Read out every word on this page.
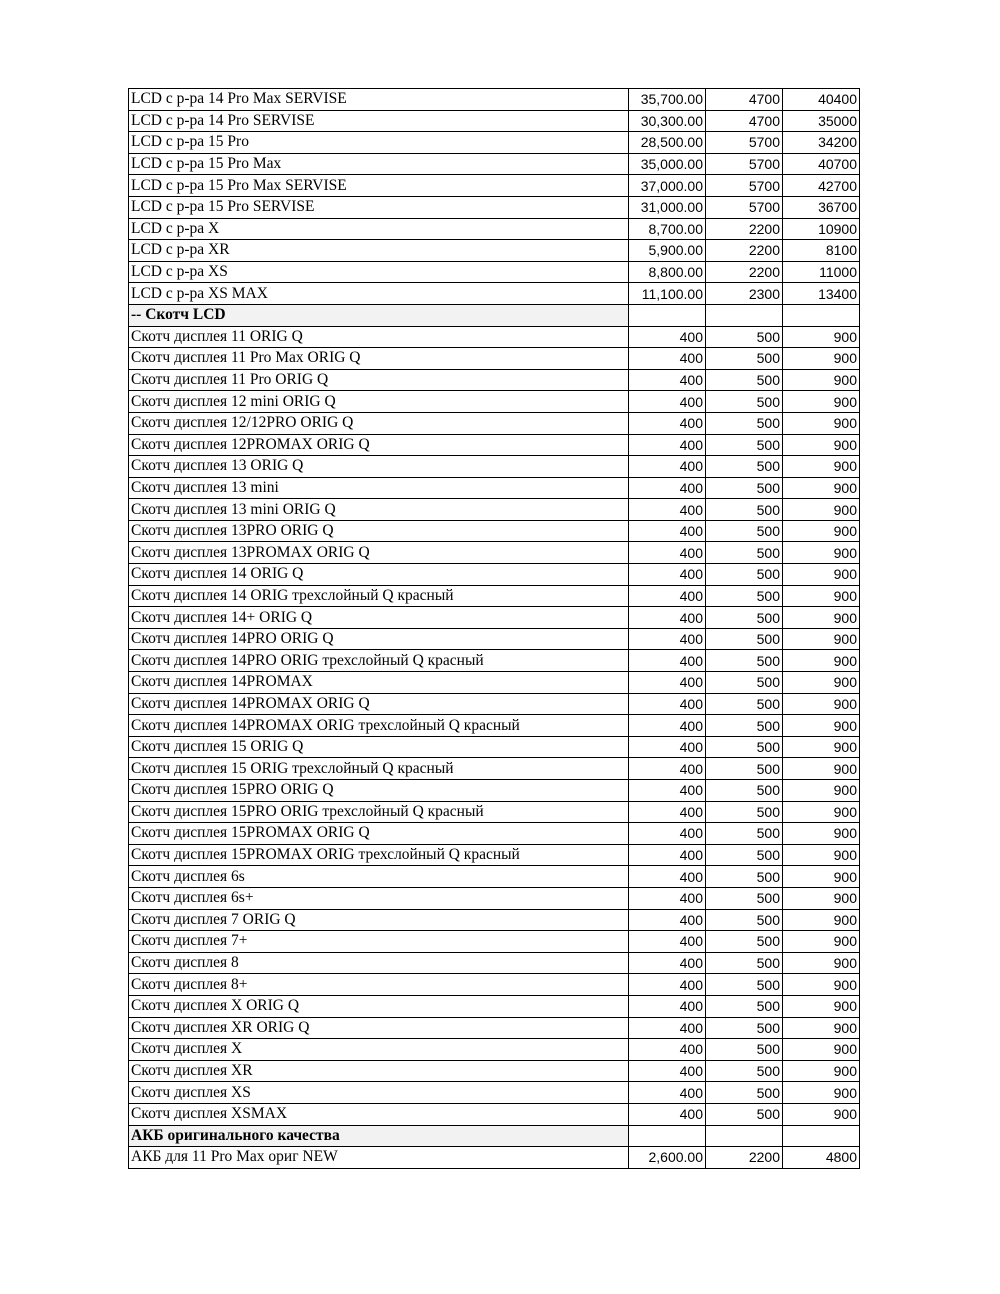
LCD с р-ра 14 Pro Max SERVISE	35,700.00	4700	40400
LCD с р-ра 14 Pro SERVISE	30,300.00	4700	35000
LCD с р-ра 15 Pro	28,500.00	5700	34200
LCD с р-ра 15 Pro Max	35,000.00	5700	40700
LCD с р-ра 15 Pro Max SERVISE	37,000.00	5700	42700
LCD с р-ра 15 Pro SERVISE	31,000.00	5700	36700
LCD с р-ра X	8,700.00	2200	10900
LCD с р-ра XR	5,900.00	2200	8100
LCD с р-ра XS	8,800.00	2200	11000
LCD с р-ра XS MAX	11,100.00	2300	13400
-- Скотч LCD			
Скотч дисплея 11 ORIG Q	400	500	900
Скотч дисплея 11 Pro Max ORIG Q	400	500	900
Скотч дисплея 11 Pro ORIG Q	400	500	900
Скотч дисплея 12 mini ORIG Q	400	500	900
Скотч дисплея 12/12PRO ORIG Q	400	500	900
Скотч дисплея 12PROMAX ORIG Q	400	500	900
Скотч дисплея 13 ORIG Q	400	500	900
Скотч дисплея 13 mini	400	500	900
Скотч дисплея 13 mini ORIG Q	400	500	900
Скотч дисплея 13PRO ORIG Q	400	500	900
Скотч дисплея 13PROMAX ORIG Q	400	500	900
Скотч дисплея 14 ORIG Q	400	500	900
Скотч дисплея 14 ORIG трехслойный Q красный	400	500	900
Скотч дисплея 14+ ORIG Q	400	500	900
Скотч дисплея 14PRO ORIG Q	400	500	900
Скотч дисплея 14PRO ORIG трехслойный Q красный	400	500	900
Скотч дисплея 14PROMAX	400	500	900
Скотч дисплея 14PROMAX ORIG Q	400	500	900
Скотч дисплея 14PROMAX ORIG трехслойный Q красный	400	500	900
Скотч дисплея 15 ORIG Q	400	500	900
Скотч дисплея 15 ORIG трехслойный Q красный	400	500	900
Скотч дисплея 15PRO ORIG Q	400	500	900
Скотч дисплея 15PRO ORIG трехслойный Q красный	400	500	900
Скотч дисплея 15PROMAX ORIG Q	400	500	900
Скотч дисплея 15PROMAX ORIG трехслойный Q красный	400	500	900
Скотч дисплея 6s	400	500	900
Скотч дисплея 6s+	400	500	900
Скотч дисплея 7 ORIG Q	400	500	900
Скотч дисплея 7+	400	500	900
Скотч дисплея 8	400	500	900
Скотч дисплея 8+	400	500	900
Скотч дисплея X ORIG Q	400	500	900
Скотч дисплея XR ORIG Q	400	500	900
Скотч дисплея X	400	500	900
Скотч дисплея XR	400	500	900
Скотч дисплея XS	400	500	900
Скотч дисплея XSMAX	400	500	900
АКБ оригинального качества			
АКБ для 11 Pro Max ориг NEW	2,600.00	2200	4800
